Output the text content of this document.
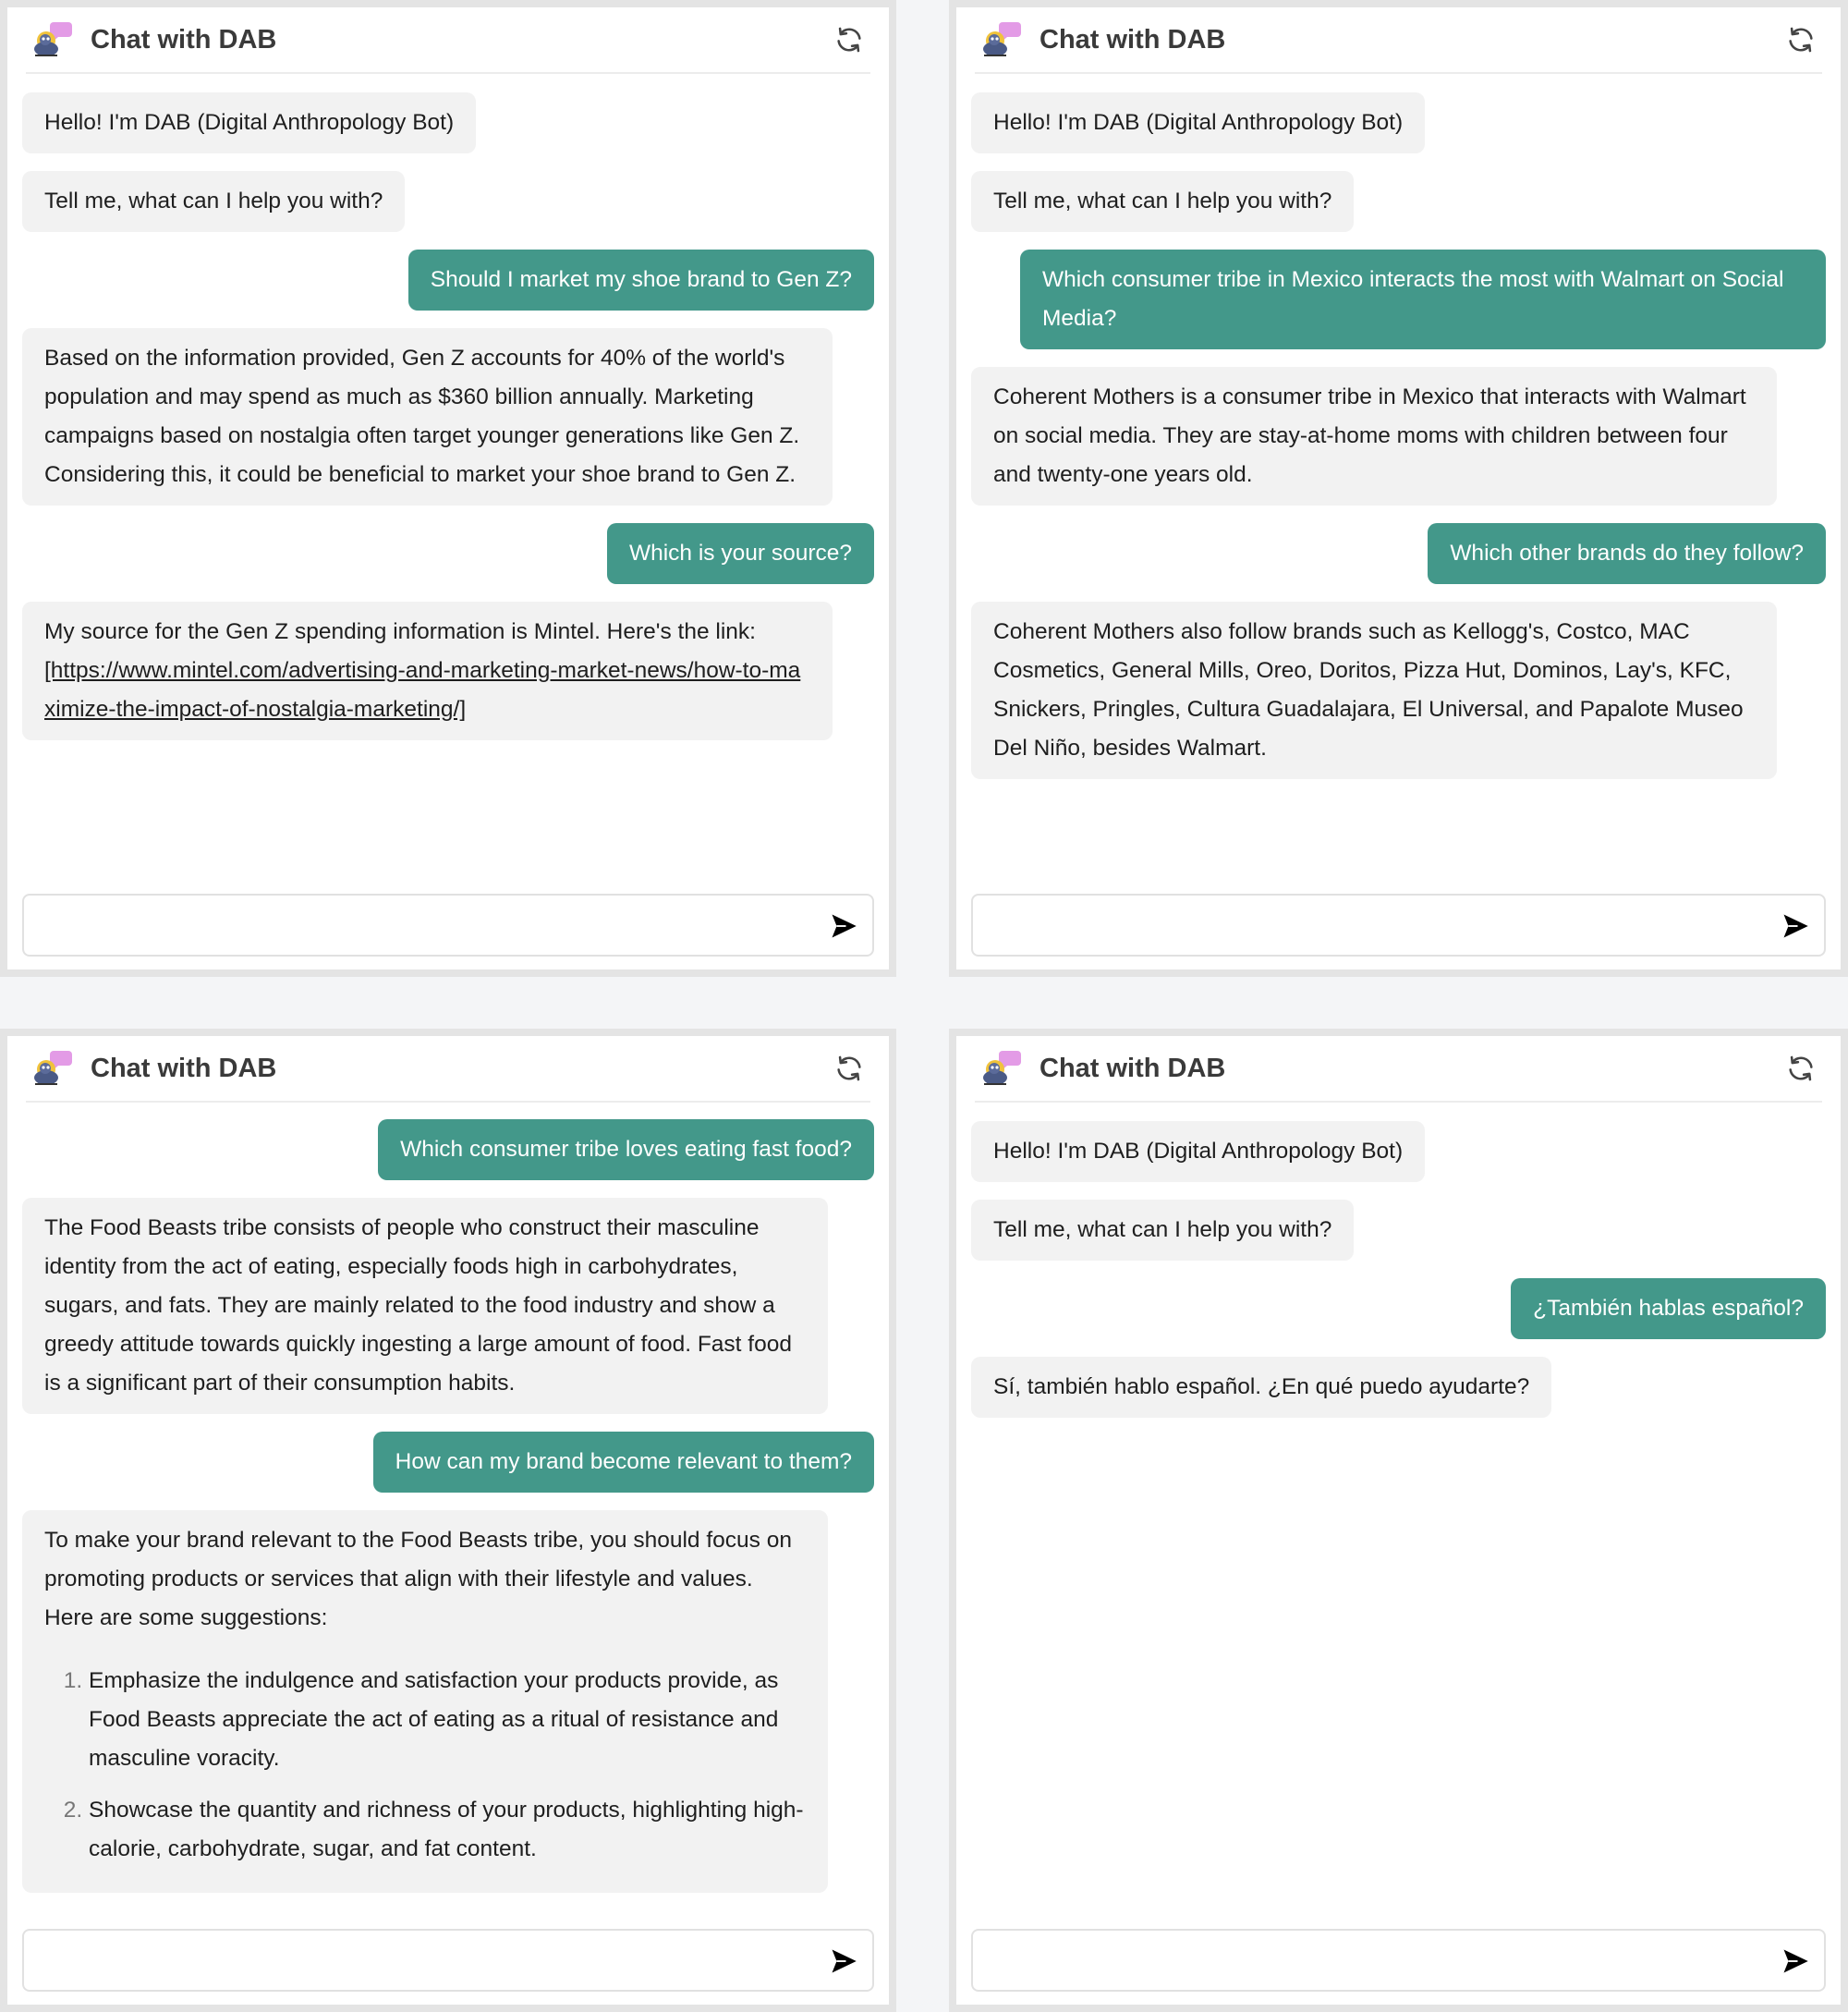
Chat with DAB
Hello! I'm DAB (Digital Anthropology Bot)
Tell me, what can I help you with?
Should I market my shoe brand to Gen Z?
Based on the information provided, Gen Z accounts for 40% of the world's population and may spend as much as $360 billion annually. Marketing campaigns based on nostalgia often target younger generations like Gen Z. Considering this, it could be beneficial to market your shoe brand to Gen Z.
Which is your source?
My source for the Gen Z spending information is Mintel. Here's the link:
[https://www.mintel.com/advertising-and-marketing-market-news/how-to-maximize-the-impact-of-nostalgia-marketing/]
Chat with DAB
Hello! I'm DAB (Digital Anthropology Bot)
Tell me, what can I help you with?
Which consumer tribe in Mexico interacts the most with Walmart on Social Media?
Coherent Mothers is a consumer tribe in Mexico that interacts with Walmart on social media. They are stay-at-home moms with children between four and twenty-one years old.
Which other brands do they follow?
Coherent Mothers also follow brands such as Kellogg's, Costco, MAC Cosmetics, General Mills, Oreo, Doritos, Pizza Hut, Dominos, Lay's, KFC, Snickers, Pringles, Cultura Guadalajara, El Universal, and Papalote Museo Del Niño, besides Walmart.
Chat with DAB
Which consumer tribe loves eating fast food?
The Food Beasts tribe consists of people who construct their masculine identity from the act of eating, especially foods high in carbohydrates, sugars, and fats. They are mainly related to the food industry and show a greedy attitude towards quickly ingesting a large amount of food. Fast food is a significant part of their consumption habits.
How can my brand become relevant to them?
To make your brand relevant to the Food Beasts tribe, you should focus on promoting products or services that align with their lifestyle and values. Here are some suggestions:
1. Emphasize the indulgence and satisfaction your products provide, as Food Beasts appreciate the act of eating as a ritual of resistance and masculine voracity.
2. Showcase the quantity and richness of your products, highlighting high-calorie, carbohydrate, sugar, and fat content.
Chat with DAB
Hello! I'm DAB (Digital Anthropology Bot)
Tell me, what can I help you with?
¿También hablas español?
Sí, también hablo español. ¿En qué puedo ayudarte?
